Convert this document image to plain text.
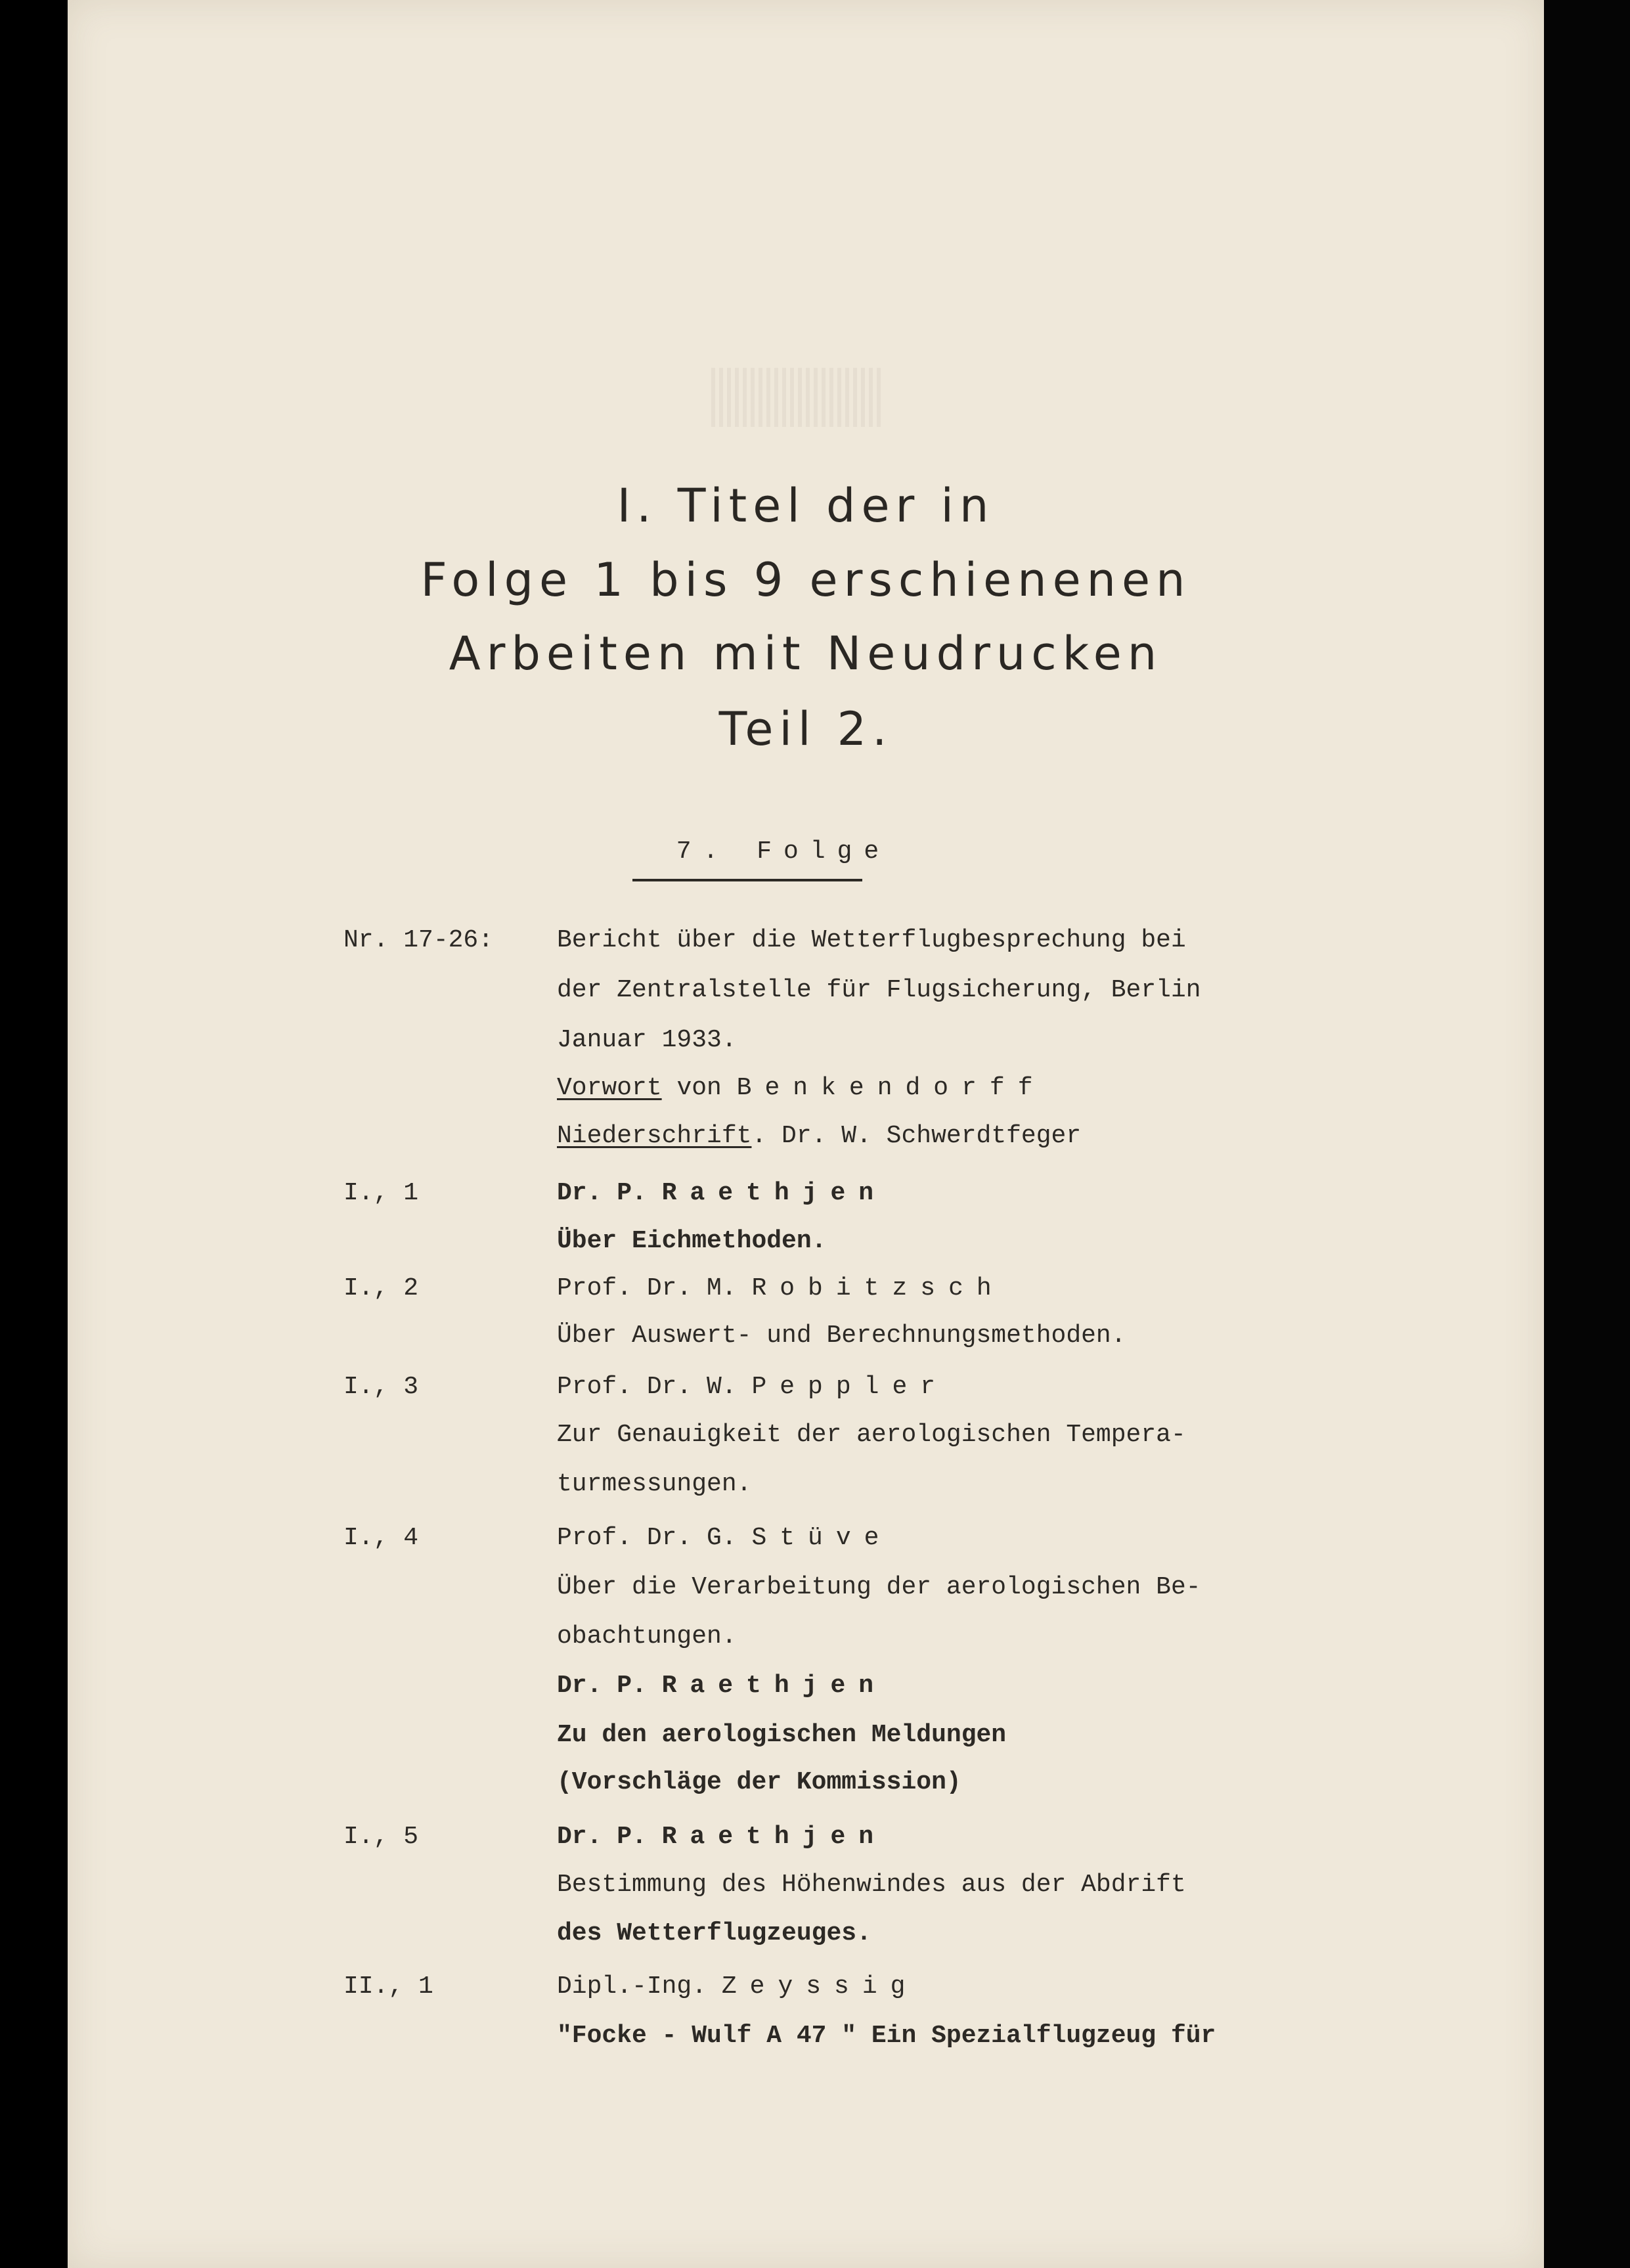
I. Titel der in
Folge 1 bis 9 erschienenen
Arbeiten mit Neudrucken
Teil 2.
7. Folge
Nr. 17-26:	Bericht über die Wetterflugbesprechung bei
der Zentralstelle für Flugsicherung, Berlin
Januar 1933.
Vorwort von Benkendorff
Niederschrift. Dr. W. Schwerdtfeger
I., 1	Dr. P. Raethjen
Über Eichmethoden.
I., 2	Prof. Dr. M. Robitzsch
Über Auswert- und Berechnungsmethoden.
I., 3	Prof. Dr. W. Peppler
Zur Genauigkeit der aerologischen Tempera-
turmessungen.
I., 4	Prof. Dr. G. Stüve
Über die Verarbeitung der aerologischen Be-
obachtungen.
Dr. P. Raethjen
Zu den aerologischen Meldungen
(Vorschläge der Kommission)
I., 5	Dr. P. Raethjen
Bestimmung des Höhenwindes aus der Abdrift
des Wetterflugzeuges.
II., 1	Dipl.-Ing. Zeyssig
"Focke - Wulf A 47 " Ein Spezialflugzeug für
